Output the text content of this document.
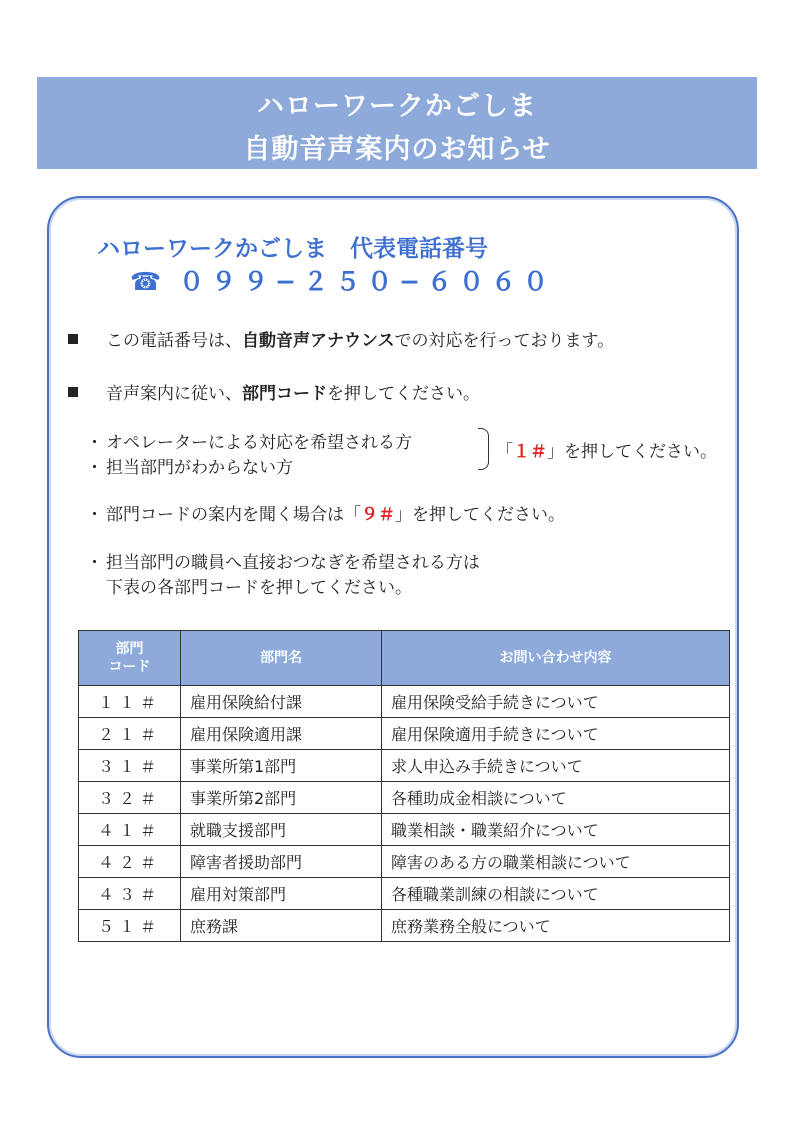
ハローワークかごしま
自動音声案内のお知らせ
ハローワークかごしま　代表電話番号
☎ ０９９−２５０−６０６０
この電話番号は、自動音声アナウンスでの対応を行っております。
音声案内に従い、部門コードを押してください。
・ オペレーターによる対応を希望される方
・ 担当部門がわからない方
「１＃」を押してください。
・ 部門コードの案内を聞く場合は「９＃」を押してください。
・ 担当部門の職員へ直接おつなぎを希望される方は
下表の各部門コードを押してください。
部門
コード	部門名	お問い合わせ内容
１１＃	雇用保険給付課	雇用保険受給手続きについて
２１＃	雇用保険適用課	雇用保険適用手続きについて
３１＃	事業所第1部門	求人申込み手続きについて
３２＃	事業所第2部門	各種助成金相談について
４１＃	就職支援部門	職業相談・職業紹介について
４２＃	障害者援助部門	障害のある方の職業相談について
４３＃	雇用対策部門	各種職業訓練の相談について
５１＃	庶務課	庶務業務全般について
